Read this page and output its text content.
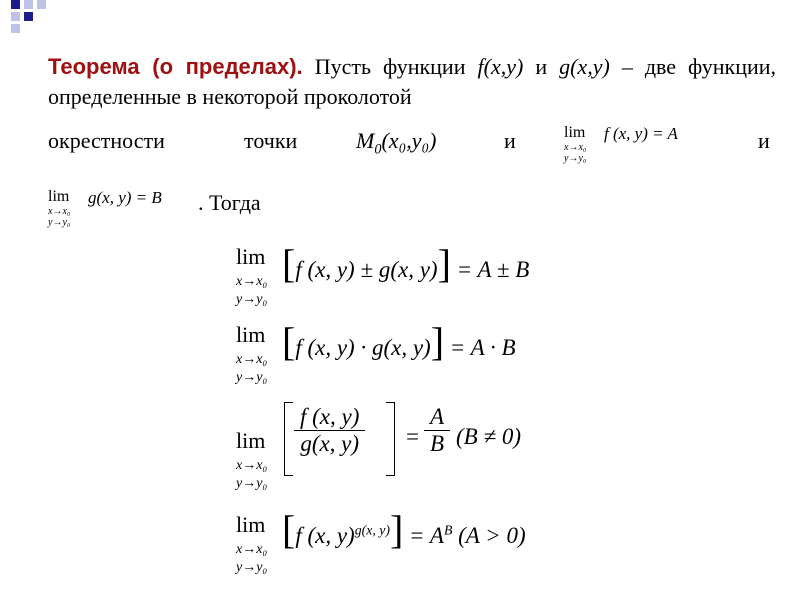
Теорема (о пределах). Пусть функции f(x,y) и g(x,y) – две функции, определенные в некоторой проколотой
окрестности	точки	$M_0(x_0,y_0)$	и	lim
x→x₀
y→y₀
f (x, y) = A	и
lim
x→x₀
y→y₀
g(x, y) = B . Тогда
lim
x→x₀
y→y₀
[f (x, y) ± g(x, y)] = A ± B
lim
x→x₀
y→y₀
[f (x, y) · g(x, y)] = A · B
lim
x→x₀
y→y₀
$\frac{f (x, y)}{g(x, y)} = \frac{A}{B} (B \ne 0)$
lim
x→x₀
y→y₀
[f (x, $y)^{g(x, y)}] = A^B$ (A > 0)
